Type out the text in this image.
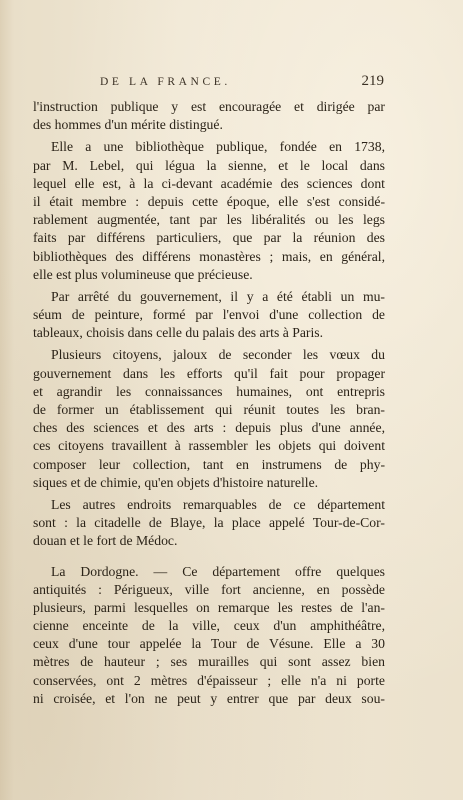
DE LA FRANCE.	219
l'instruction publique y est encouragée et dirigée par
des hommes d'un mérite distingué.
Elle a une bibliothèque publique, fondée en 1738,
par M. Lebel, qui légua la sienne, et le local dans
lequel elle est, à la ci-devant académie des sciences dont
il était membre : depuis cette époque, elle s'est considé-
rablement augmentée, tant par les libéralités ou les legs
faits par différens particuliers, que par la réunion des
bibliothèques des différens monastères ; mais, en général,
elle est plus volumineuse que précieuse.
Par arrêté du gouvernement, il y a été établi un mu-
séum de peinture, formé par l'envoi d'une collection de
tableaux, choisis dans celle du palais des arts à Paris.
Plusieurs citoyens, jaloux de seconder les vœux du
gouvernement dans les efforts qu'il fait pour propager
et agrandir les connaissances humaines, ont entrepris
de former un établissement qui réunit toutes les bran-
ches des sciences et des arts : depuis plus d'une année,
ces citoyens travaillent à rassembler les objets qui doivent
composer leur collection, tant en instrumens de phy-
siques et de chimie, qu'en objets d'histoire naturelle.
Les autres endroits remarquables de ce département
sont : la citadelle de Blaye, la place appelé Tour-de-Cor-
douan et le fort de Médoc.
La Dordogne. — Ce département offre quelques
antiquités : Périgueux, ville fort ancienne, en possède
plusieurs, parmi lesquelles on remarque les restes de l'an-
cienne enceinte de la ville, ceux d'un amphithéâtre,
ceux d'une tour appelée la Tour de Vésune. Elle a 30
mètres de hauteur ; ses murailles qui sont assez bien
conservées, ont 2 mètres d'épaisseur ; elle n'a ni porte
ni croisée, et l'on ne peut y entrer que par deux sou-
